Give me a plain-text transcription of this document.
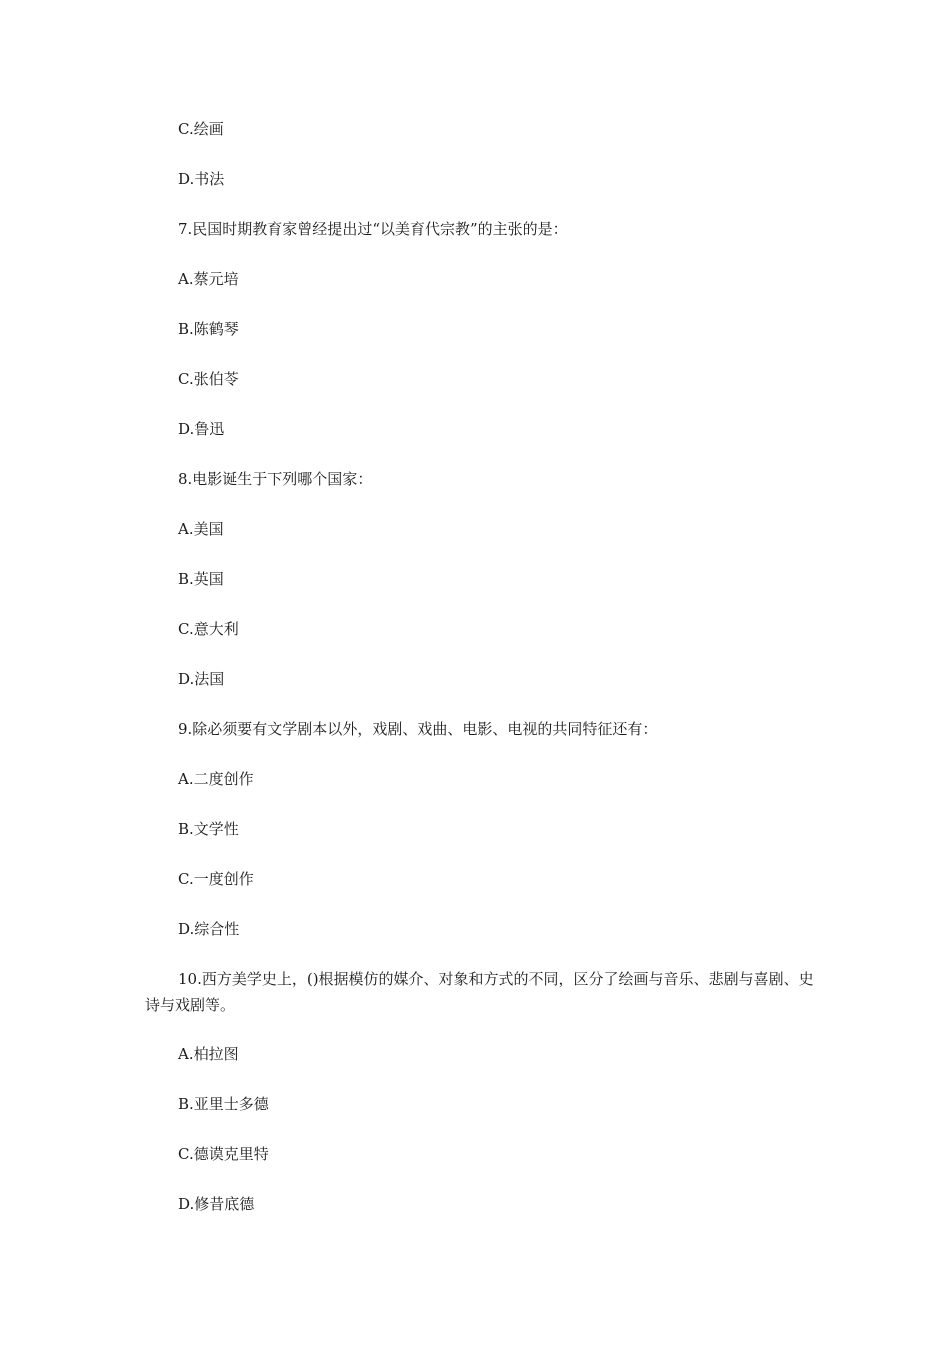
C.绘画
D.书法
7.民国时期教育家曾经提出过“以美育代宗教”的主张的是：
A.蔡元培
B.陈鹤琴
C.张伯苓
D.鲁迅
8.电影诞生于下列哪个国家：
A.美国
B.英国
C.意大利
D.法国
9.除必须要有文学剧本以外，戏剧、戏曲、电影、电视的共同特征还有：
A.二度创作
B.文学性
C.一度创作
D.综合性
10.西方美学史上，()根据模仿的媒介、对象和方式的不同，区分了绘画与音乐、悲剧与喜剧、史诗与戏剧等。
A.柏拉图
B.亚里士多德
C.德谟克里特
D.修昔底德
